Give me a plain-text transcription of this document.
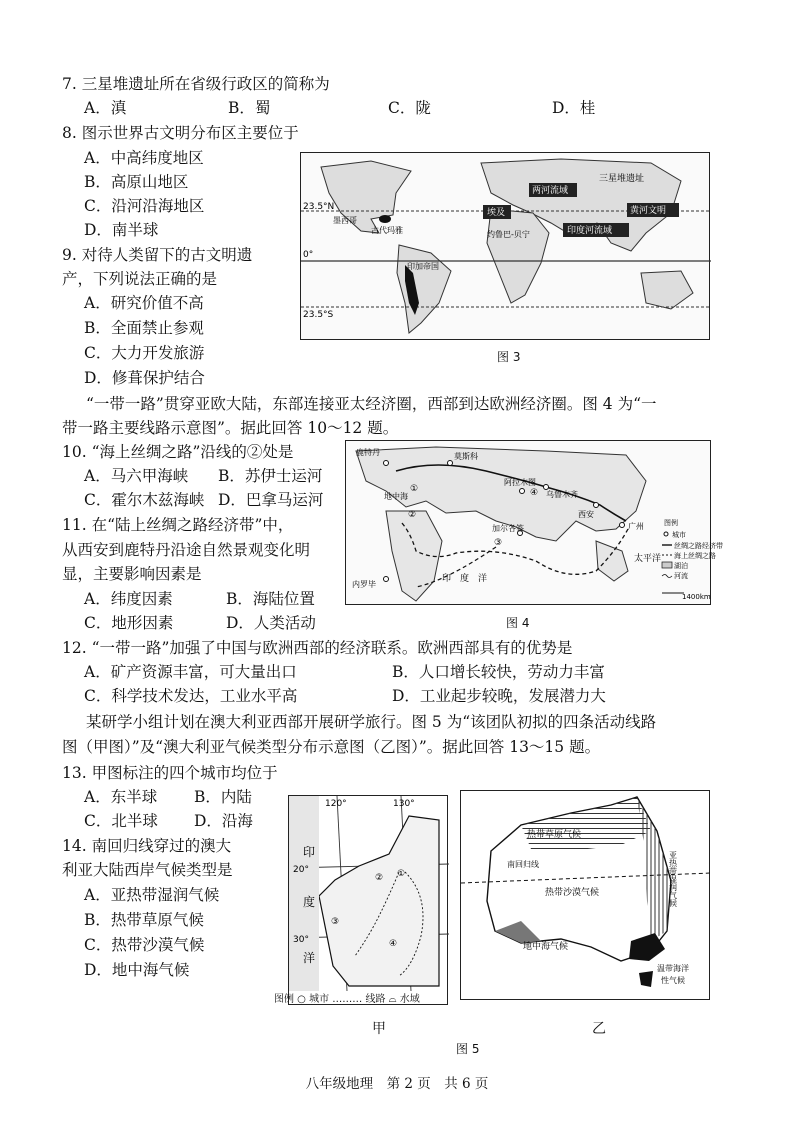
7. 三星堆遗址所在省级行政区的简称为
A．滇	B．蜀	C．陇	D．桂
8. 图示世界古文明分布区主要位于
A．中高纬度地区
B．高原山地区
C．沿河沿海地区
D．南半球
9. 对待人类留下的古文明遗
产，下列说法正确的是
A．研究价值不高
B．全面禁止参观
C．大力开发旅游
D．修葺保护结合
23.5°N
0°
23.5°S
墨西哥
古代玛雅
印加帝国
埃及
两河流域
印度河流域
黄河文明
三星堆遗址
约鲁巴-贝宁
图 3
“一带一路”贯穿亚欧大陆，东部连接亚太经济圈，西部到达欧洲经济圈。图 4 为“一
带一路主要线路示意图”。据此回答 10～12 题。
10. “海上丝绸之路”沿线的②处是
A．马六甲海峡 B．苏伊士运河
C．霍尔木兹海峡 D．巴拿马运河
11. 在“陆上丝绸之路经济带”中，
从西安到鹿特丹沿途自然景观变化明
显，主要影响因素是
A．纬度因素	B．海陆位置
C．地形因素	D．人类活动
鹿特丹	莫斯科
阿拉木图
乌鲁木齐
西安
广州
加尔各答
内罗毕
印　度　洋
太平洋
地中海
①
②
③
④
图例
城市
丝绸之路经济带
海上丝绸之路
湖泊
河流
1400km
图 4
12. “一带一路”加强了中国与欧洲西部的经济联系。欧洲西部具有的优势是
A．矿产资源丰富，可大量出口	B．人口增长较快，劳动力丰富
C．科学技术发达，工业水平高	D．工业起步较晚，发展潜力大
某研学小组计划在澳大利亚西部开展研学旅行。图 5 为“该团队初拟的四条活动线路
图（甲图）”及“澳大利亚气候类型分布示意图（乙图）”。据此回答 13～15 题。
13. 甲图标注的四个城市均位于
A．东半球 B．内陆
C．北半球 D．沿海
14. 南回归线穿过的澳大
利亚大陆西岸气候类型是
A．亚热带湿润气候
B．热带草原气候
C．热带沙漠气候
D．地中海气候
120°	130°
20°
30°
印
度
洋
①
②
③
④
图例 ○ 城市 ……… 线路 ⌓ 水域
甲
热带草原气候
南回归线
热带沙漠气候
地中海气候
亚热带湿润气候
温带海洋
性气候
乙
图 5
八年级地理　第 2 页　共 6 页
